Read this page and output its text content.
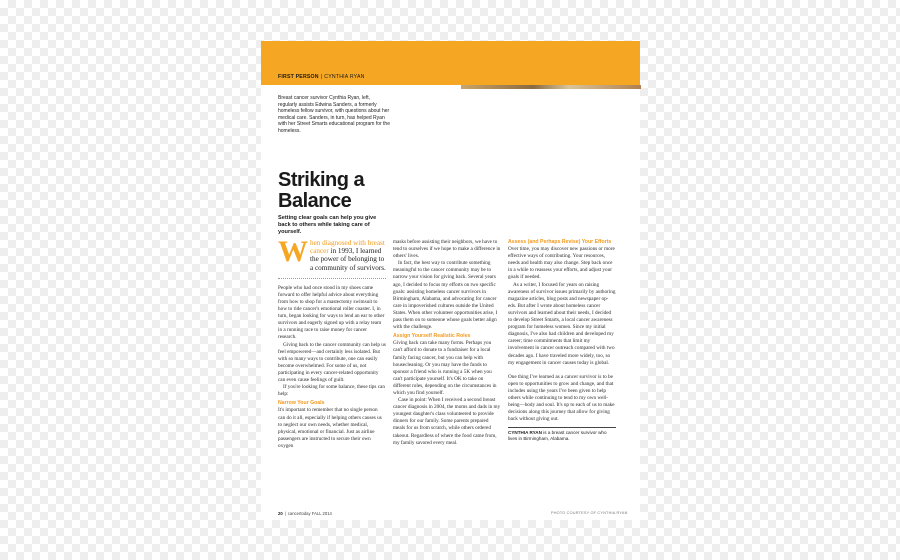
FIRST PERSON | CYNTHIA RYAN
Breast cancer survivor Cynthia Ryan, left, regularly assists Edwina Sanders, a formerly homeless fellow survivor, with questions about her medical care. Sanders, in turn, has helped Ryan with her Street Smarts educational program for the homeless.
Striking a
Balance
Setting clear goals can help you give back to others while taking care of yourself.
When diagnosed with breast cancer in 1993, I learned the power of belonging to a community of survivors.

People who had once stood in my shoes came forward to offer helpful advice about everything from how to shop for a mastectomy swimsuit to how to ride cancer's emotional roller coaster. I, in turn, began looking for ways to lend an ear to other survivors and eagerly signed up with a relay team in a running race to raise money for cancer research.

Giving back to the cancer community can help us feel empowered—and certainly less isolated. But with so many ways to contribute, one can easily become overwhelmed. For some of us, not participating in every cancer-related opportunity can even cause feelings of guilt.

If you're looking for some balance, these tips can help:

Narrow Your Goals

It's important to remember that no single person can do it all, especially if helping others causes us to neglect our own needs, whether medical, physical, emotional or financial. Just as airline passengers are instructed to secure their own oxygen

masks before assisting their neighbors, we have to tend to ourselves if we hope to make a difference in others' lives.

In fact, the best way to contribute something meaningful to the cancer community may be to narrow your vision for giving back. Several years ago, I decided to focus my efforts on two specific goals: assisting homeless cancer survivors in Birmingham, Alabama, and advocating for cancer care in impoverished cultures outside the United States. When other volunteer opportunities arise, I pass them on to someone whose goals better align with the challenge.

Assign Yourself Realistic Roles

Giving back can take many forms. Perhaps you can't afford to donate to a fundraiser for a local family facing cancer, but you can help with housecleaning. Or you may have the funds to sponsor a friend who is running a 5K when you can't participate yourself. It's OK to take on different roles, depending on the circumstances in which you find yourself.

Case in point: When I received a second breast cancer diagnosis in 2004, the moms and dads in my youngest daughter's class volunteered to provide dinners for our family. Some parents prepared meals for us from scratch, while others ordered takeout. Regardless of where the food came from, my family savored every meal.

Assess (and Perhaps Revise) Your Efforts

Over time, you may discover new passions or more effective ways of contributing. Your resources, needs and health may also change. Step back once in a while to reassess your efforts, and adjust your goals if needed.

As a writer, I focused for years on raising awareness of survivor issues primarily by authoring magazine articles, blog posts and newspaper op-eds. But after I wrote about homeless cancer survivors and learned about their needs, I decided to develop Street Smarts, a local cancer awareness program for homeless women. Since my initial diagnosis, I've also had children and developed my career; time commitments that limit my involvement in cancer outreach compared with two decades ago. I have traveled more widely, too, so my engagement in cancer causes today is global.

One thing I've learned as a cancer survivor is to be open to opportunities to grow and change, and that includes using the years I've been given to help others while continuing to tend to my own well-being—body and soul. It's up to each of us to make decisions along this journey that allow for giving back without giving out.

CYNTHIA RYAN is a breast cancer survivor who lives in Birmingham, Alabama.
20 | cancertoday FALL 2014	PHOTO COURTESY OF CYNTHIA RYAN
